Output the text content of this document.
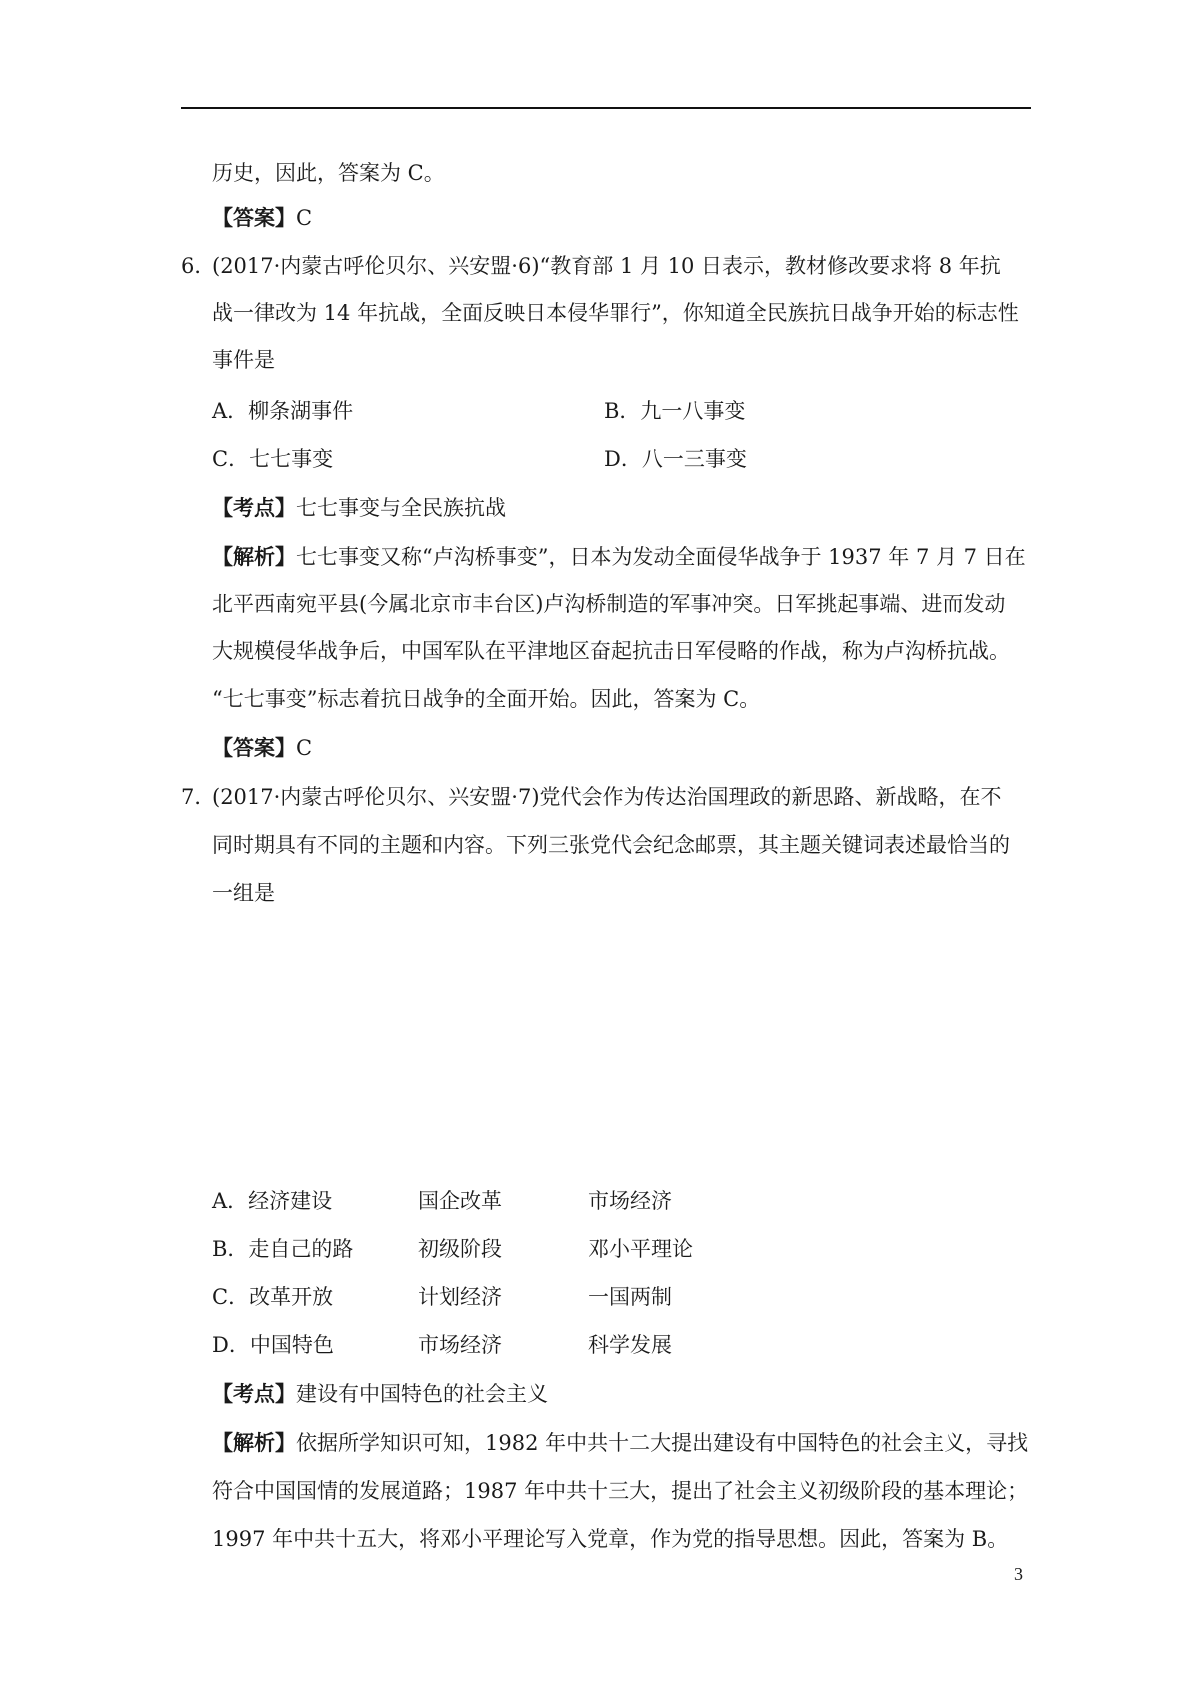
历史，因此，答案为 C。
【答案】C
6．
(2017·内蒙古呼伦贝尔、兴安盟·6)“教育部 1 月 10 日表示，教材修改要求将 8 年抗
战一律改为 14 年抗战，全面反映日本侵华罪行”，你知道全民族抗日战争开始的标志性
事件是
A．柳条湖事件	B．九一八事变
C．七七事变	D．八一三事变
【考点】七七事变与全民族抗战
【解析】七七事变又称“卢沟桥事变”，日本为发动全面侵华战争于 1937 年 7 月 7 日在
北平西南宛平县(今属北京市丰台区)卢沟桥制造的军事冲突。日军挑起事端、进而发动
大规模侵华战争后，中国军队在平津地区奋起抗击日军侵略的作战，称为卢沟桥抗战。
“七七事变”标志着抗日战争的全面开始。因此，答案为 C。
【答案】C
7．
(2017·内蒙古呼伦贝尔、兴安盟·7)党代会作为传达治国理政的新思路、新战略，在不
同时期具有不同的主题和内容。下列三张党代会纪念邮票，其主题关键词表述最恰当的
一组是
A．经济建设	国企改革	市场经济
B．走自己的路	初级阶段	邓小平理论
C．改革开放	计划经济	一国两制
D．中国特色	市场经济	科学发展
【考点】建设有中国特色的社会主义
【解析】依据所学知识可知，1982 年中共十二大提出建设有中国特色的社会主义，寻找
符合中国国情的发展道路；1987 年中共十三大，提出了社会主义初级阶段的基本理论；
1997 年中共十五大，将邓小平理论写入党章，作为党的指导思想。因此，答案为 B。
3
